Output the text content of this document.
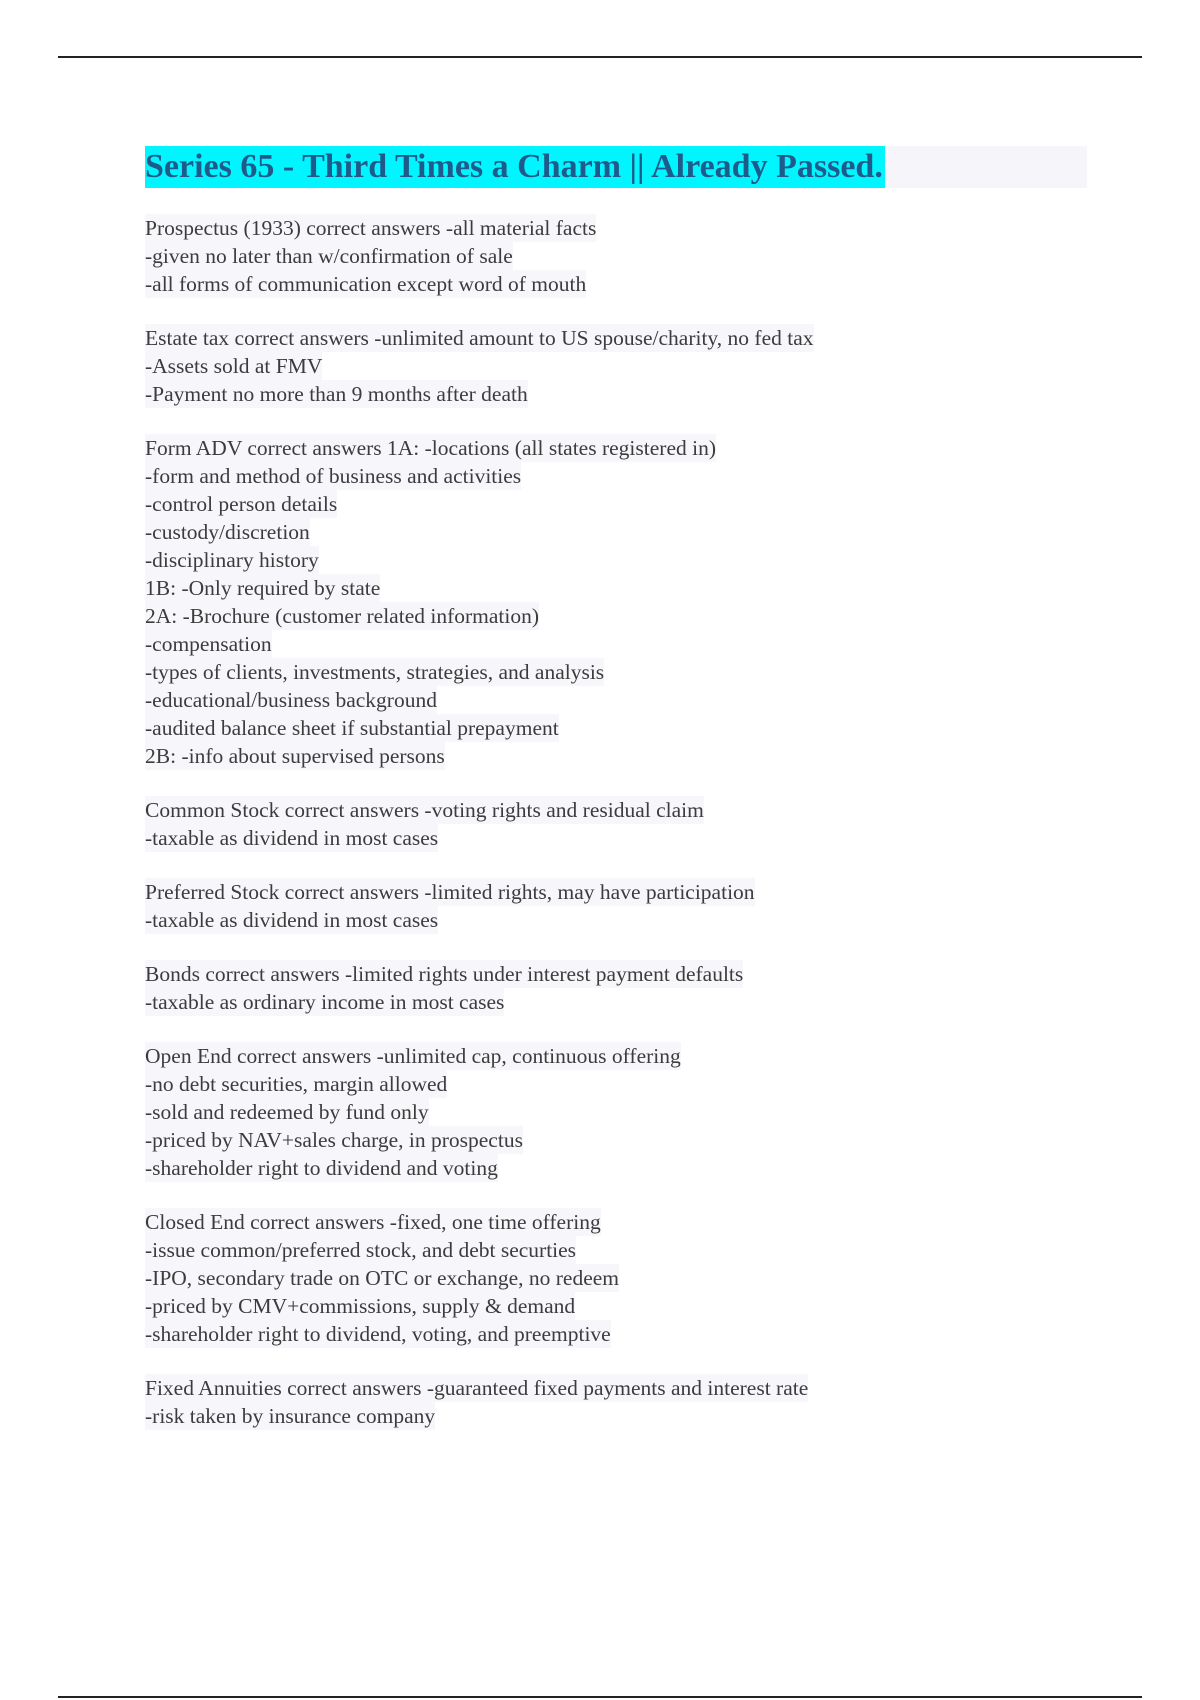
Series 65 - Third Times a Charm || Already Passed.
Prospectus (1933) correct answers -all material facts
-given no later than w/confirmation of sale
-all forms of communication except word of mouth
Estate tax correct answers -unlimited amount to US spouse/charity, no fed tax
-Assets sold at FMV
-Payment no more than 9 months after death
Form ADV correct answers 1A: -locations (all states registered in)
-form and method of business and activities
-control person details
-custody/discretion
-disciplinary history
1B: -Only required by state
2A: -Brochure (customer related information)
-compensation
-types of clients, investments, strategies, and analysis
-educational/business background
-audited balance sheet if substantial prepayment
2B: -info about supervised persons
Common Stock correct answers -voting rights and residual claim
-taxable as dividend in most cases
Preferred Stock correct answers -limited rights, may have participation
-taxable as dividend in most cases
Bonds correct answers -limited rights under interest payment defaults
-taxable as ordinary income in most cases
Open End correct answers -unlimited cap, continuous offering
-no debt securities, margin allowed
-sold and redeemed by fund only
-priced by NAV+sales charge, in prospectus
-shareholder right to dividend and voting
Closed End correct answers -fixed, one time offering
-issue common/preferred stock, and debt securties
-IPO, secondary trade on OTC or exchange, no redeem
-priced by CMV+commissions, supply & demand
-shareholder right to dividend, voting, and preemptive
Fixed Annuities correct answers -guaranteed fixed payments and interest rate
-risk taken by insurance company
